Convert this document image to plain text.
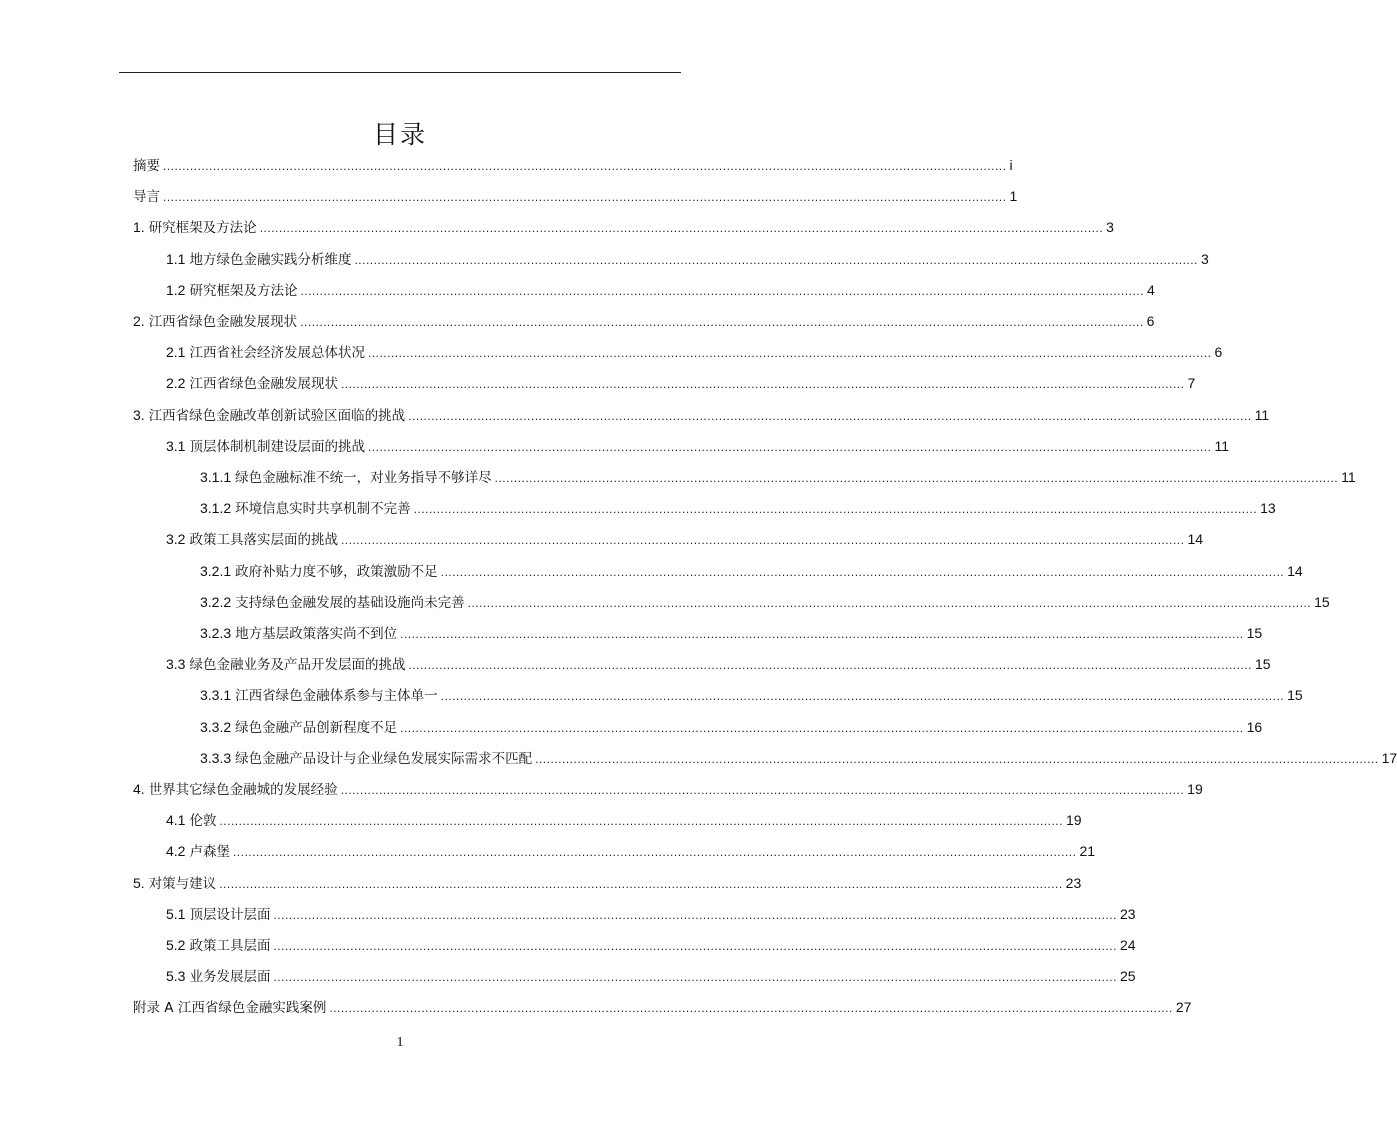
目录
摘要 ............................................................................................................................................................................................................................ i
导言 ............................................................................................................................................................................................................................ 1
1. 研究框架及方法论 ............................................................................................................................................................................................................................ 3
1.1 地方绿色金融实践分析维度 ............................................................................................................................................................................................................................ 3
1.2 研究框架及方法论 ............................................................................................................................................................................................................................ 4
2. 江西省绿色金融发展现状 ............................................................................................................................................................................................................................ 6
2.1 江西省社会经济发展总体状况 ............................................................................................................................................................................................................................ 6
2.2 江西省绿色金融发展现状 ............................................................................................................................................................................................................................ 7
3. 江西省绿色金融改革创新试验区面临的挑战 ............................................................................................................................................................................................................................ 11
3.1 顶层体制机制建设层面的挑战 ............................................................................................................................................................................................................................ 11
3.1.1 绿色金融标准不统一，对业务指导不够详尽 ............................................................................................................................................................................................................................ 11
3.1.2 环境信息实时共享机制不完善 ............................................................................................................................................................................................................................ 13
3.2 政策工具落实层面的挑战 ............................................................................................................................................................................................................................ 14
3.2.1 政府补贴力度不够，政策激励不足 ............................................................................................................................................................................................................................ 14
3.2.2 支持绿色金融发展的基础设施尚未完善 ............................................................................................................................................................................................................................ 15
3.2.3 地方基层政策落实尚不到位 ............................................................................................................................................................................................................................ 15
3.3 绿色金融业务及产品开发层面的挑战 ............................................................................................................................................................................................................................ 15
3.3.1 江西省绿色金融体系参与主体单一 ............................................................................................................................................................................................................................ 15
3.3.2 绿色金融产品创新程度不足 ............................................................................................................................................................................................................................ 16
3.3.3 绿色金融产品设计与企业绿色发展实际需求不匹配 ............................................................................................................................................................................................................................ 17
4. 世界其它绿色金融城的发展经验 ............................................................................................................................................................................................................................ 19
4.1 伦敦 ............................................................................................................................................................................................................................ 19
4.2 卢森堡 ............................................................................................................................................................................................................................ 21
5. 对策与建议 ............................................................................................................................................................................................................................ 23
5.1 顶层设计层面 ............................................................................................................................................................................................................................ 23
5.2 政策工具层面 ............................................................................................................................................................................................................................ 24
5.3 业务发展层面 ............................................................................................................................................................................................................................ 25
附录 A 江西省绿色金融实践案例 ............................................................................................................................................................................................................................ 27
1
